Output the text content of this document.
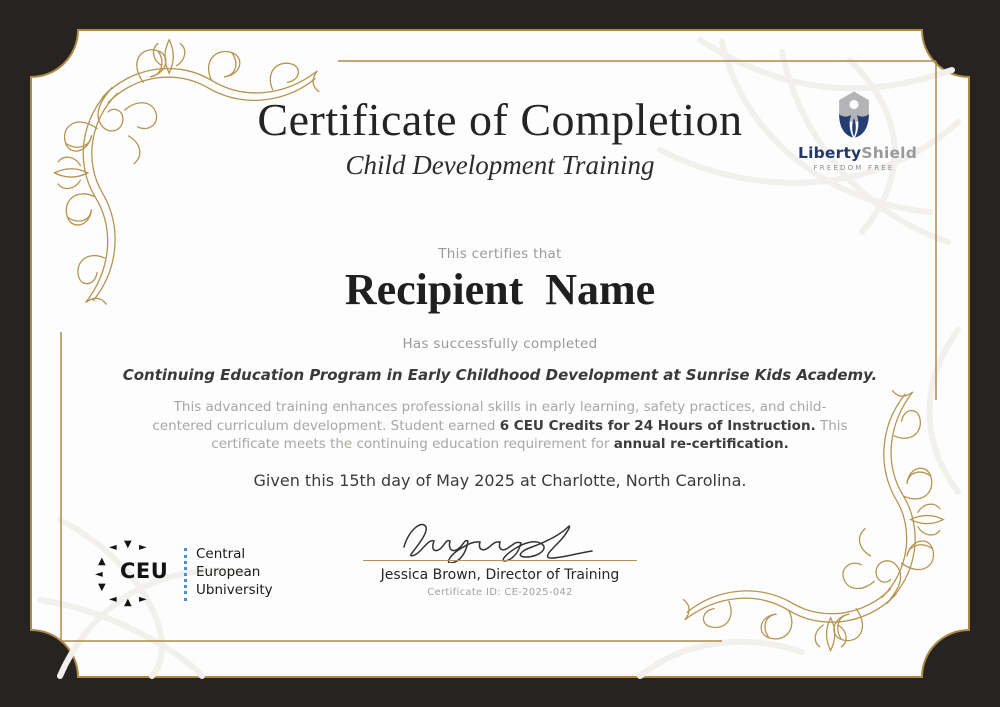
Certificate of Completion
Child Development Training	LibertyShield
FREEDOM FREE
This certifies that
Recipient  Name
Has successfully completed
Continuing Education Program in Early Childhood Development at Sunrise Kids Academy.
This advanced training enhances professional skills in early learning, safety practices, and child-centered curriculum development. Student earned 6 CEU Credits for 24 Hours of Instruction. This certificate meets the continuing education requirement for annual re-certification.
Given this 15th day of May 2025 at Charlotte, North Carolina.
Jessica Brown, Director of Training
Certificate ID: CE-2025-042
◄ ▼ ►
▲
◄
▼
◄ ▲ ►
CEU
Central
European
Ubniversity
